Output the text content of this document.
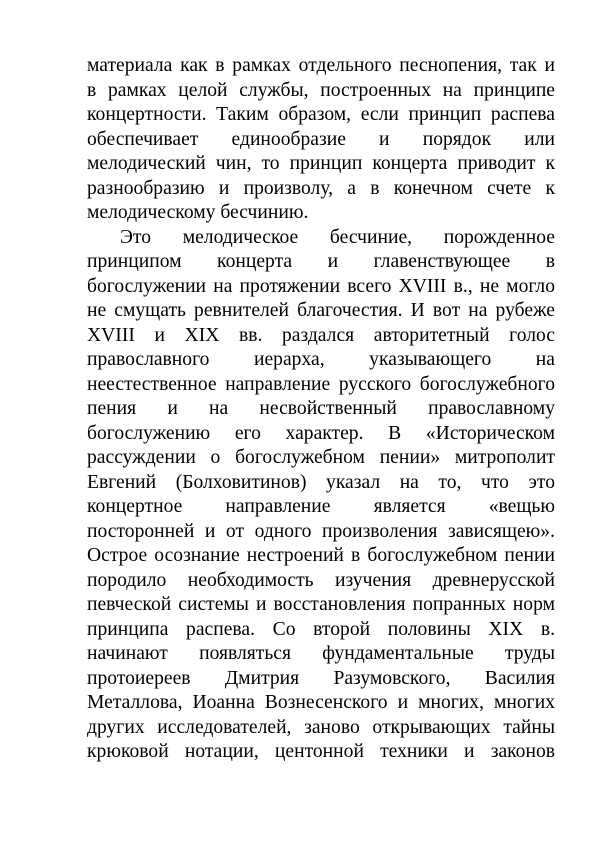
материала как в рамках отдельного песнопения, так и
в рамках целой службы, построенных на принципе
концертности. Таким образом, если принцип распева
обеспечивает единообразие и порядок или
мелодический чин, то принцип концерта приводит к
разнообразию и произволу, а в конечном счете к
мелодическому бесчинию.
Это мелодическое бесчиние, порожденное
принципом концерта и главенствующее в
богослужении на протяжении всего XVIII в., не могло
не смущать ревнителей благочестия. И вот на рубеже
XVIII и XIX вв. раздался авторитетный голос
православного иерарха, указывающего на
неестественное направление русского богослужебного
пения и на несвойственный православному
богослужению его характер. В «Историческом
рассуждении о богослужебном пении» митрополит
Евгений (Болховитинов) указал на то, что это
концертное направление является «вещью
посторонней и от одного произволения зависящею».
Острое осознание нестроений в богослужебном пении
породило необходимость изучения древнерусской
певческой системы и восстановления попранных норм
принципа распева. Со второй половины XIX в.
начинают появляться фундаментальные труды
протоиереев Дмитрия Разумовского, Василия
Металлова, Иоанна Вознесенского и многих, многих
других исследователей, заново открывающих тайны
крюковой нотации, центонной техники и законов
